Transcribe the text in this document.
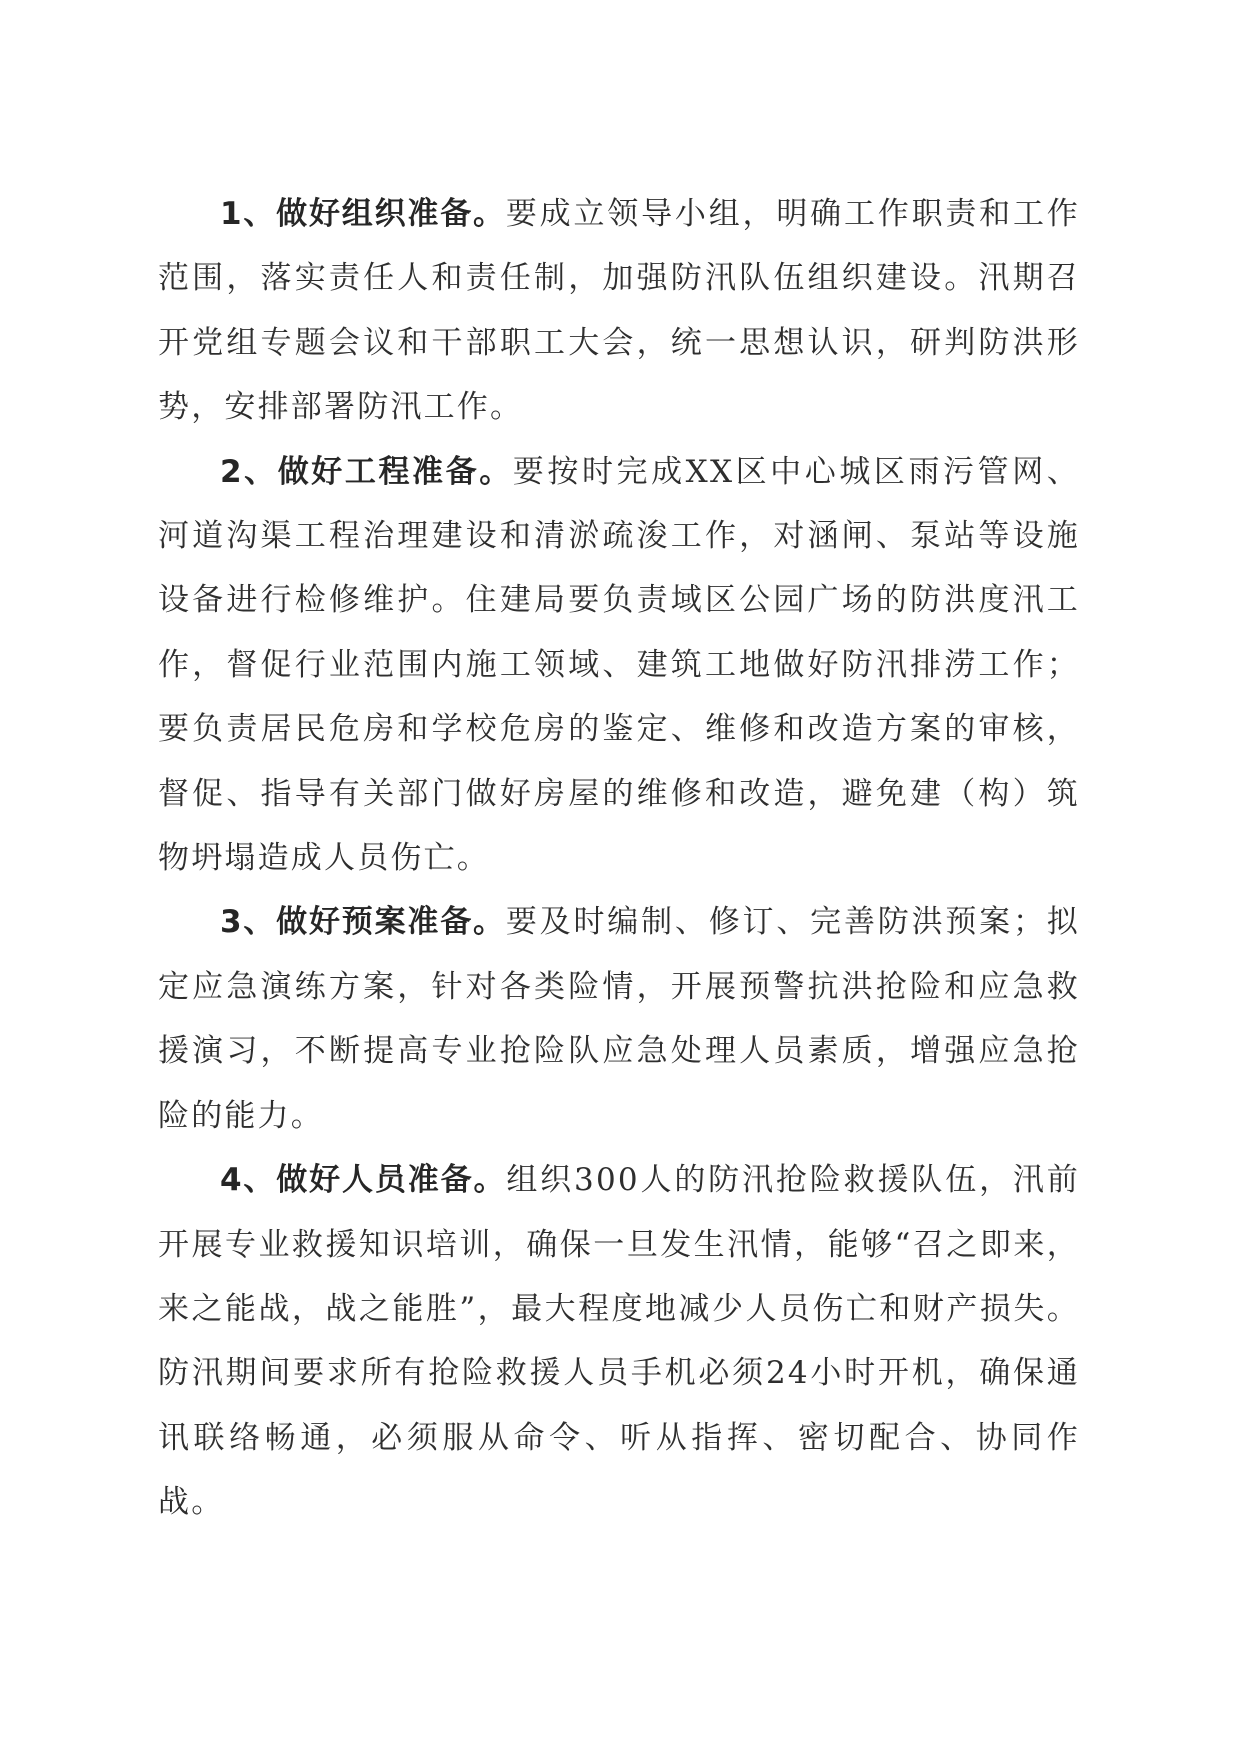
1、做好组织准备。要成立领导小组，明确工作职责和工作范围，落实责任人和责任制，加强防汛队伍组织建设。汛期召开党组专题会议和干部职工大会，统一思想认识，研判防洪形势，安排部署防汛工作。

2、做好工程准备。要按时完成XX区中心城区雨污管网、河道沟渠工程治理建设和清淤疏浚工作，对涵闸、泵站等设施设备进行检修维护。住建局要负责域区公园广场的防洪度汛工作，督促行业范围内施工领域、建筑工地做好防汛排涝工作；要负责居民危房和学校危房的鉴定、维修和改造方案的审核，督促、指导有关部门做好房屋的维修和改造，避免建（构）筑物坍塌造成人员伤亡。

3、做好预案准备。要及时编制、修订、完善防洪预案；拟定应急演练方案，针对各类险情，开展预警抗洪抢险和应急救援演习，不断提高专业抢险队应急处理人员素质，增强应急抢险的能力。

4、做好人员准备。组织300人的防汛抢险救援队伍，汛前开展专业救援知识培训，确保一旦发生汛情，能够“召之即来，来之能战，战之能胜”，最大程度地减少人员伤亡和财产损失。防汛期间要求所有抢险救援人员手机必须24小时开机，确保通讯联络畅通，必须服从命令、听从指挥、密切配合、协同作战。
